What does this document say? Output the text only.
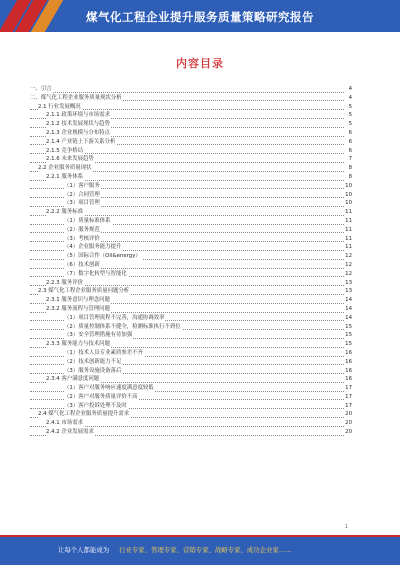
煤气化工程企业提升服务质量策略研究报告
内容目录
一、引言	4
二、煤气化工程企业服务质量现状分析	4
2.1 行业发展概况	5
2.1.1 政策环境与市场需求	5
2.1.2 技术发展现状与趋势	5
2.1.3 企业规模与分布特点	6
2.1.4 产业链上下游关系分析	6
2.1.5 竞争格局	6
2.1.6 未来发展趋势	7
2.2 企业服务质量现状	8
2.2.1 服务体系	8
（1）客户服务	10
（2）合同管理	10
（3）项目管理	10
2.2.2 服务标准	11
（1）质量标准体系	11
（2）服务规范	11
（3）考核评价	11
（4）企业服务能力提升	11
（5）国际合作（Oil&energy）	12
（6）技术创新	12
（7）数字化转型与智能化	12
2.2.3 服务评价	13
2.3 煤气化工程企业服务质量问题分析	13
2.3.1 服务意识与理念问题	14
2.3.2 服务流程与管理问题	14
（1）项目管理流程不完善，沟通协调效率	14
（2）质量控制体系不健全，检测标准执行不到位	15
（3）安全管理措施有待加强	15
2.3.3 服务能力与技术问题	15
（1）技术人员专业素质参差不齐	16
（2）技术创新能力不足	16
（3）服务设施设备落后	16
2.3.4 客户满意度问题	16
（1）客户对服务响应速度满意度较低	17
（2）客户对服务质量评价不高	17
（3）客户投诉处理不及时	17
2.4 煤气化工程企业服务质量提升需求	20
2.4.1 市场需求	20
2.4.2 企业发展需求	20
1
让每个人都能成为 行业专家、管理专家、营销专家、战略专家、成功企业家……
